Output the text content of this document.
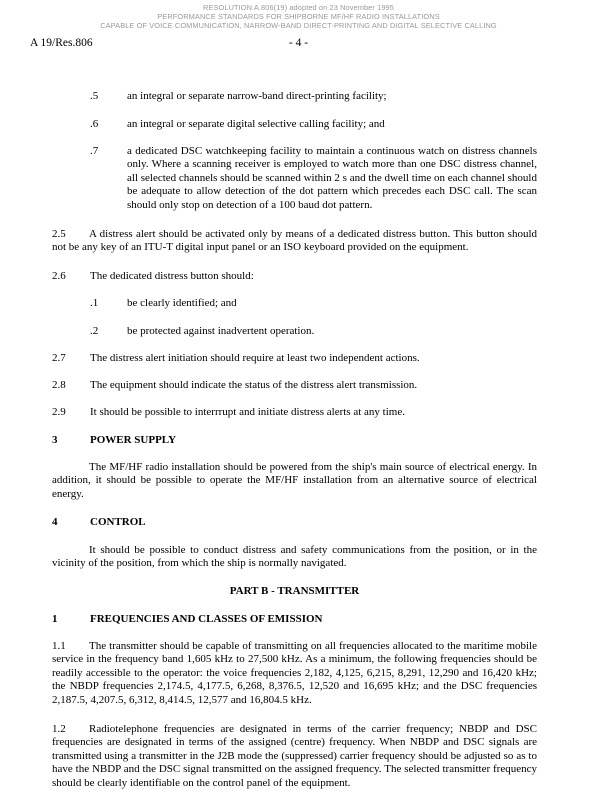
RESOLUTION A.806(19) adopted on 23 November 1995
PERFORMANCE STANDARDS FOR SHIPBORNE MF/HF RADIO INSTALLATIONS
CAPABLE OF VOICE COMMUNICATION, NARROW-BAND DIRECT-PRINTING AND DIGITAL SELECTIVE CALLING
A 19/Res.806	- 4 -
.5	an integral or separate narrow-band direct-printing facility;
.6	an integral or separate digital selective calling facility; and
.7	a dedicated DSC watchkeeping facility to maintain a continuous watch on distress channels only. Where a scanning receiver is employed to watch more than one DSC distress channel, all selected channels should be scanned within 2 s and the dwell time on each channel should be adequate to allow detection of the dot pattern which precedes each DSC call. The scan should only stop on detection of a 100 baud dot pattern.
2.5 A distress alert should be activated only by means of a dedicated distress button. This button should not be any key of an ITU-T digital input panel or an ISO keyboard provided on the equipment.
2.6 The dedicated distress button should:
.1	be clearly identified; and
.2	be protected against inadvertent operation.
2.7 The distress alert initiation should require at least two independent actions.
2.8 The equipment should indicate the status of the distress alert transmission.
2.9 It should be possible to interrrupt and initiate distress alerts at any time.
3	POWER SUPPLY
The MF/HF radio installation should be powered from the ship's main source of electrical energy. In addition, it should be possible to operate the MF/HF installation from an alternative source of electrical energy.
4	CONTROL
It should be possible to conduct distress and safety communications from the position, or in the vicinity of the position, from which the ship is normally navigated.
PART B - TRANSMITTER
1	FREQUENCIES AND CLASSES OF EMISSION
1.1 The transmitter should be capable of transmitting on all frequencies allocated to the maritime mobile service in the frequency band 1,605 kHz to 27,500 kHz. As a minimum, the following frequencies should be readily accessible to the operator: the voice frequencies 2,182, 4,125, 6,215, 8,291, 12,290 and 16,420 kHz; the NBDP frequencies 2,174.5, 4,177.5, 6,268, 8,376.5, 12,520 and 16,695 kHz; and the DSC frequencies 2,187.5, 4,207.5, 6,312, 8,414.5, 12,577 and 16,804.5 kHz.
1.2 Radiotelephone frequencies are designated in terms of the carrier frequency; NBDP and DSC frequencies are designated in terms of the assigned (centre) frequency. When NBDP and DSC signals are transmitted using a transmitter in the J2B mode the (suppressed) carrier frequency should be adjusted so as to have the NBDP and the DSC signal transmitted on the assigned frequency. The selected transmitter frequency should be clearly identifiable on the control panel of the equipment.
